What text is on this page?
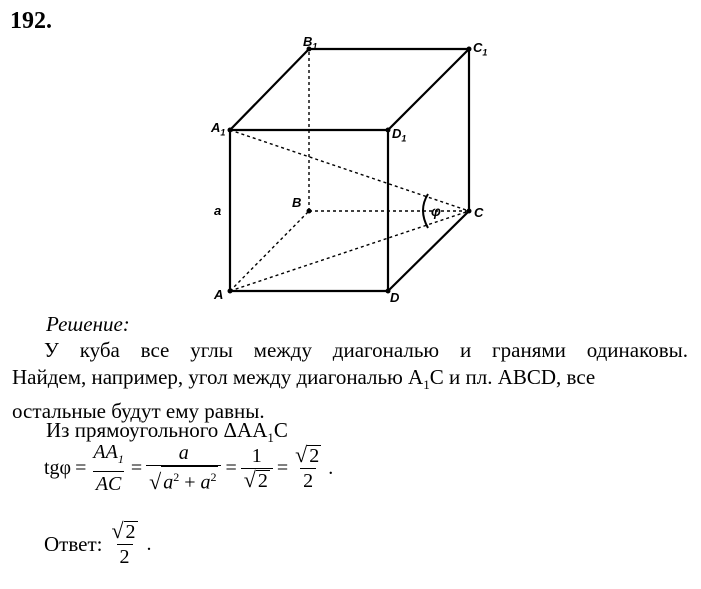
192.
$A_1$
$B_1$	$C_1$
$D_1$
B
C
A	D
a	φ
Решение:
У куба все углы между диагональю и гранями одинаковы.
Найдем, например, угол между диагональю $A_1C$ и пл. ABCD, все
остальные будут ему равны.
Из прямоугольного $\Delta AA_1C$
$tg\varphi = \frac{AA_1}{AC} = \frac{a}{√ a^2 + a^2} = \frac{1}{√ 2} = \frac{√ 2}{2}$ .
Ответ: $\frac{√ 2}{2}$ .
